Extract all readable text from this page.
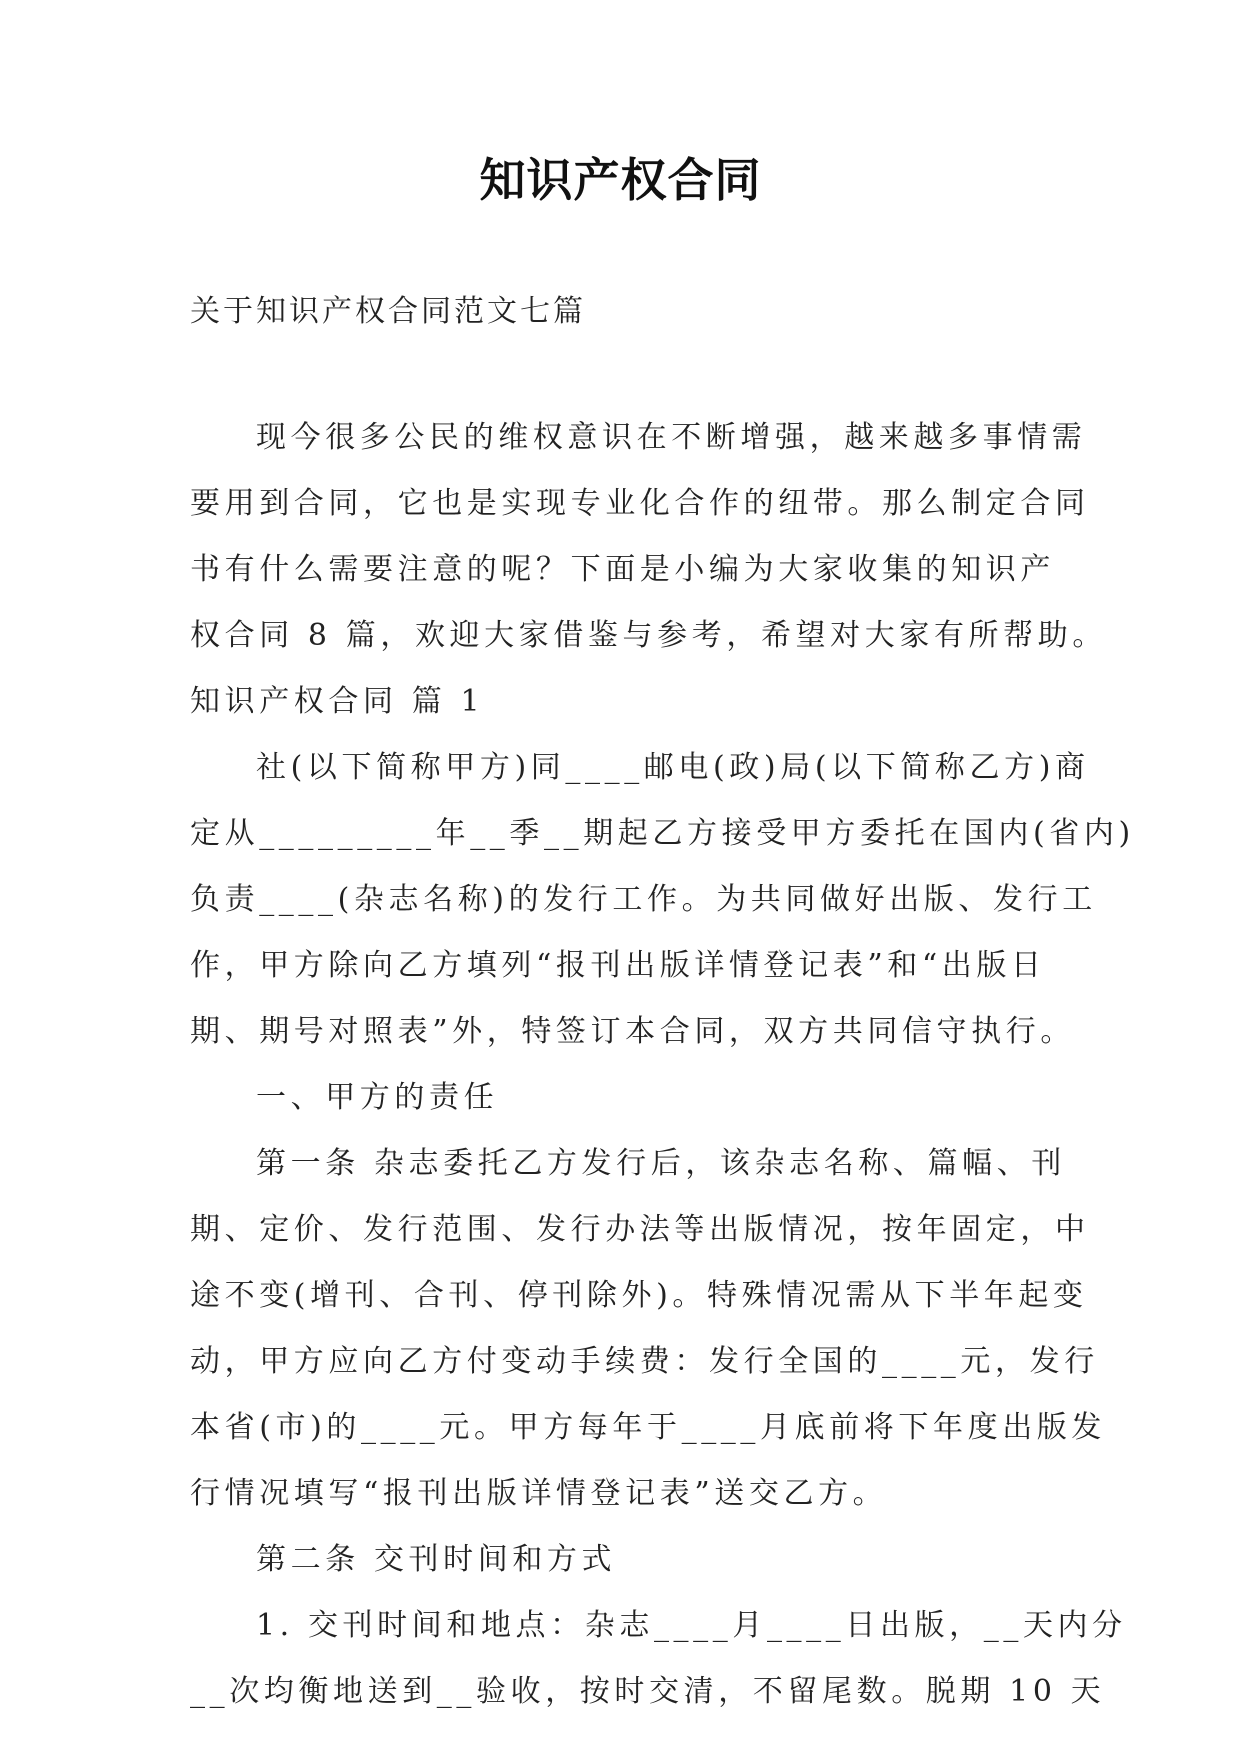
知识产权合同
关于知识产权合同范文七篇
现今很多公民的维权意识在不断增强，越来越多事情需
要用到合同，它也是实现专业化合作的纽带。那么制定合同
书有什么需要注意的呢？下面是小编为大家收集的知识产
权合同 8 篇，欢迎大家借鉴与参考，希望对大家有所帮助。
知识产权合同 篇 1
社(以下简称甲方)同____邮电(政)局(以下简称乙方)商
定从_________年__季__期起乙方接受甲方委托在国内(省内)
负责____(杂志名称)的发行工作。为共同做好出版、发行工
作，甲方除向乙方填列“报刊出版详情登记表”和“出版日
期、期号对照表”外，特签订本合同，双方共同信守执行。
一、甲方的责任
第一条 杂志委托乙方发行后，该杂志名称、篇幅、刊
期、定价、发行范围、发行办法等出版情况，按年固定，中
途不变(增刊、合刊、停刊除外)。特殊情况需从下半年起变
动，甲方应向乙方付变动手续费：发行全国的____元，发行
本省(市)的____元。甲方每年于____月底前将下年度出版发
行情况填写“报刊出版详情登记表”送交乙方。
第二条 交刊时间和方式
1. 交刊时间和地点：杂志____月____日出版，__天内分
__次均衡地送到__验收，按时交清，不留尾数。脱期 10 天
